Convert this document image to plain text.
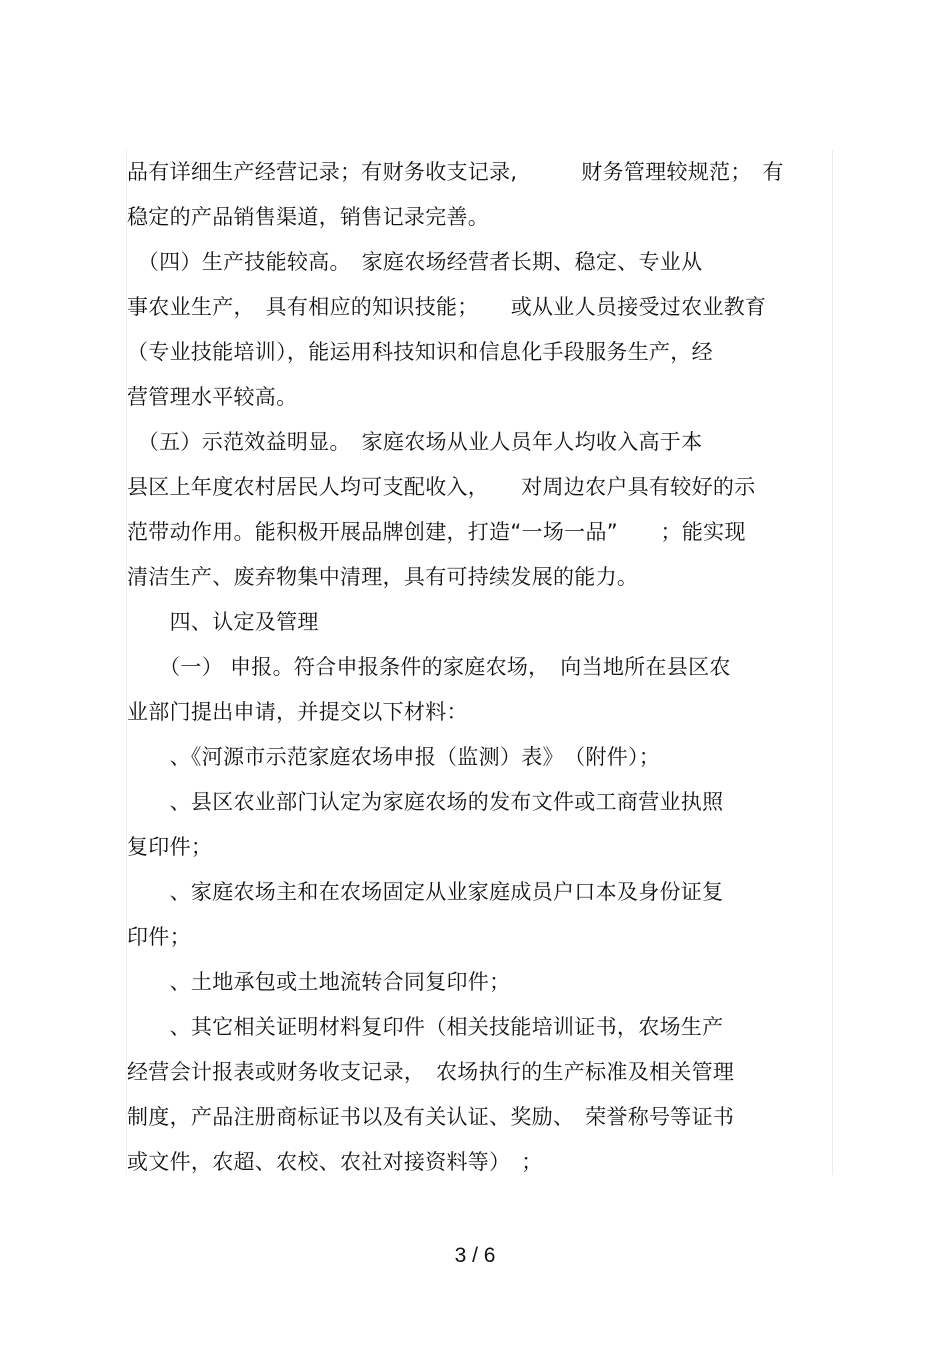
品有详细生产经营记录；有财务收支记录,　　　财务管理较规范；　有
稳定的产品销售渠道，销售记录完善。
　（四）生产技能较高。　家庭农场经营者长期、稳定、专业从
事农业生产，　具有相应的知识技能；　　或从业人员接受过农业教育
（专业技能培训），能运用科技知识和信息化手段服务生产，经
营管理水平较高。
　（五）示范效益明显。　家庭农场从业人员年人均收入高于本
县区上年度农村居民人均可支配收入，　　对周边农户具有较好的示
范带动作用。能积极开展品牌创建，打造“一场一品”　　；能实现
清洁生产、废弃物集中清理，具有可持续发展的能力。
　　四、认定及管理
　　（一） 申报。符合申报条件的家庭农场，　向当地所在县区农
业部门提出申请，并提交以下材料：
　　、《河源市示范家庭农场申报（监测）表》　（附件）；
　　、县区农业部门认定为家庭农场的发布文件或工商营业执照
复印件；
　　、家庭农场主和在农场固定从业家庭成员户口本及身份证复
印件；
　　、土地承包或土地流转合同复印件；
　　、其它相关证明材料复印件（相关技能培训证书，农场生产
经营会计报表或财务收支记录，　农场执行的生产标准及相关管理
制度，产品注册商标证书以及有关认证、奖励、　荣誉称号等证书
或文件，农超、农校、农社对接资料等）　；
3 / 6
